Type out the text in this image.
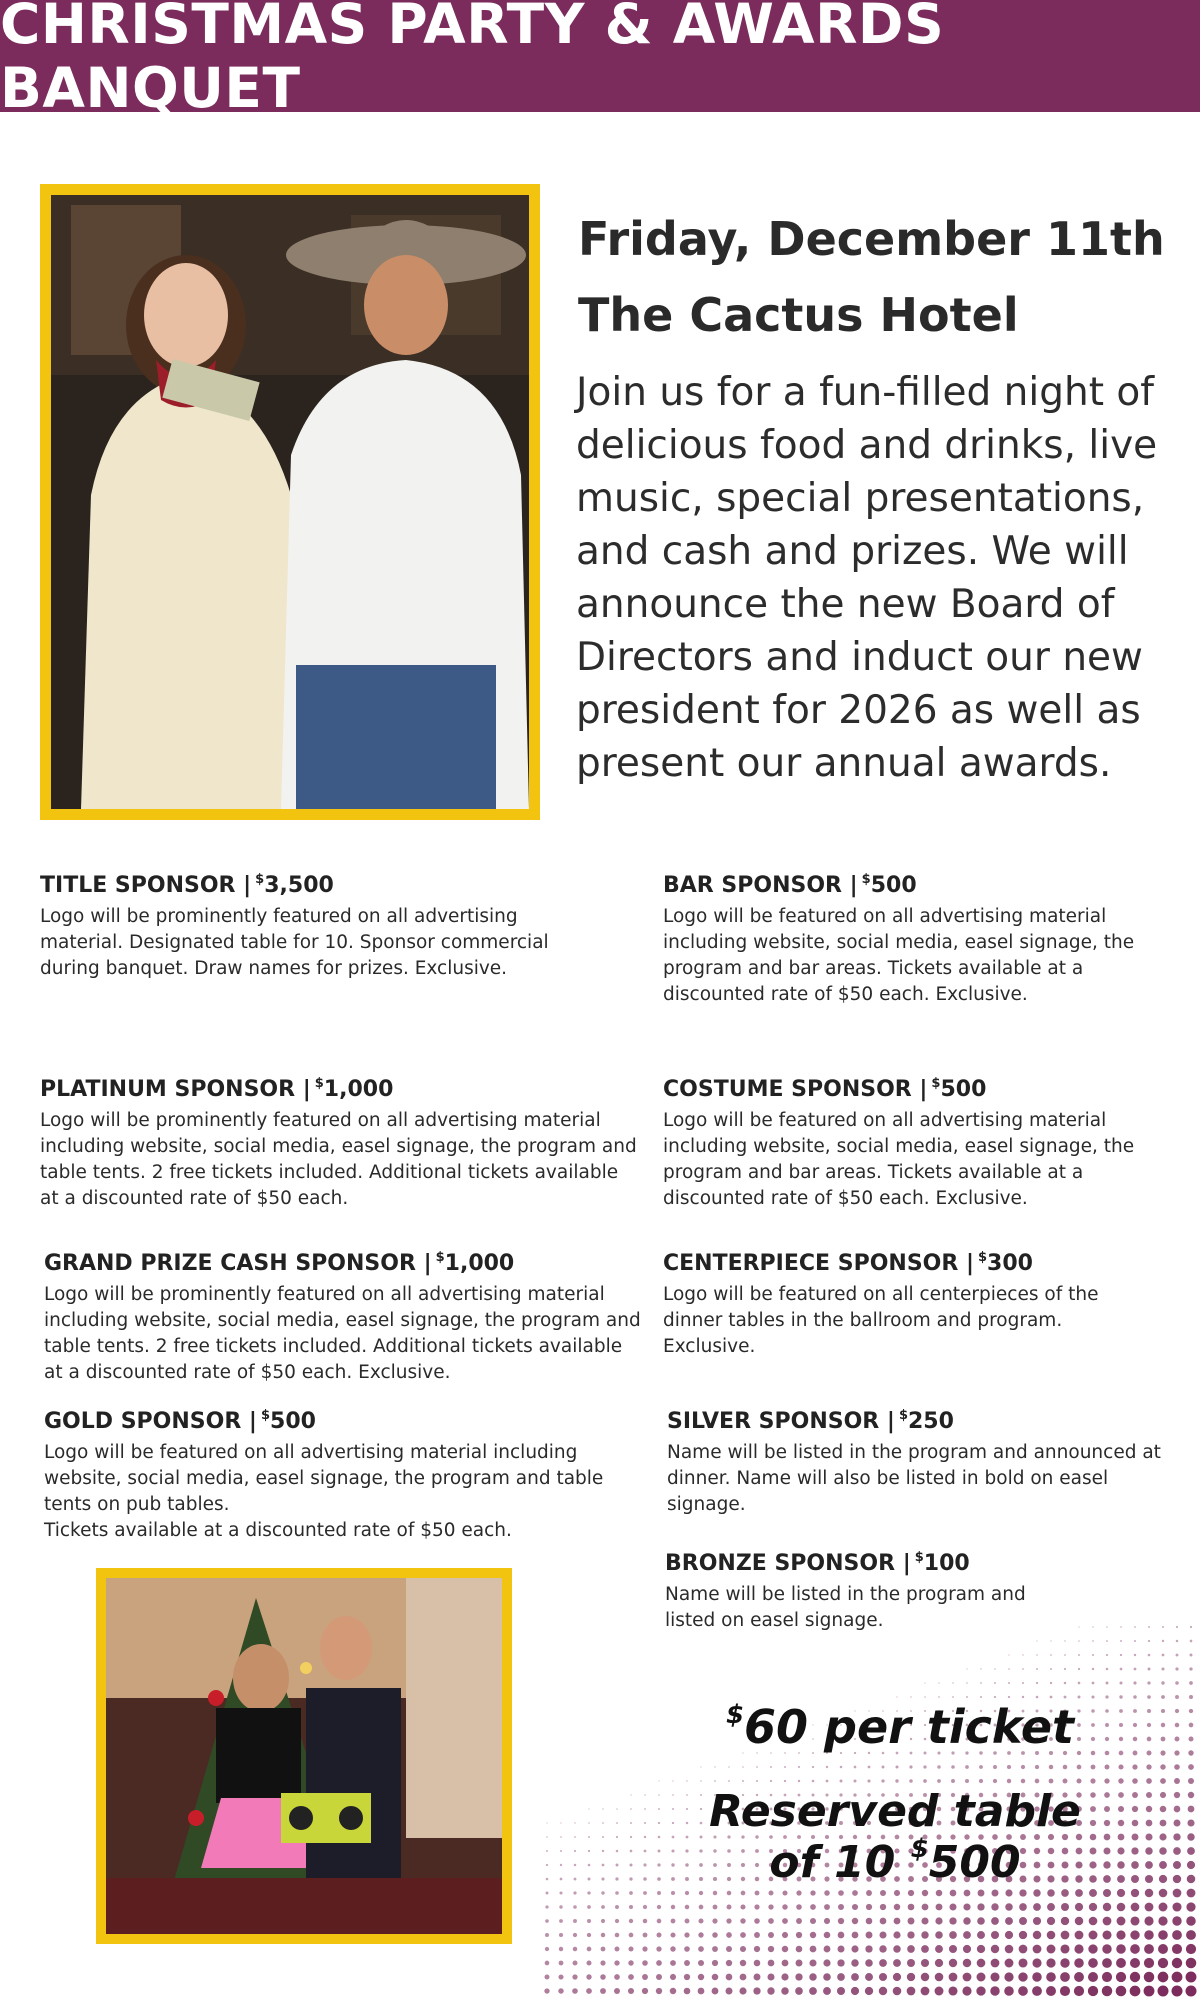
CHRISTMAS PARTY & AWARDS BANQUET
Friday, December 11th
The Cactus Hotel
Join us for a fun-filled night of delicious food and drinks, live music, special presentations, and cash and prizes. We will announce the new Board of Directors and induct our new president for 2026 as well as present our annual awards.
TITLE SPONSOR | $3,500

Logo will be prominently featured on all advertising material. Designated table for 10. Sponsor commercial during banquet. Draw names for prizes. Exclusive.

PLATINUM SPONSOR | $1,000

Logo will be prominently featured on all advertising material including website, social media, easel signage, the program and table tents. 2 free tickets included. Additional tickets available at a discounted rate of $50 each.

GRAND PRIZE CASH SPONSOR | $1,000

Logo will be prominently featured on all advertising material including website, social media, easel signage, the program and table tents. 2 free tickets included. Additional tickets available at a discounted rate of $50 each. Exclusive.

GOLD SPONSOR | $500

Logo will be featured on all advertising material including website, social media, easel signage, the program and table tents on pub tables.

Tickets available at a discounted rate of $50 each.

BAR SPONSOR | $500

Logo will be featured on all advertising material including website, social media, easel signage, the program and bar areas. Tickets available at a discounted rate of $50 each. Exclusive.

COSTUME SPONSOR | $500

Logo will be featured on all advertising material including website, social media, easel signage, the program and bar areas. Tickets available at a discounted rate of $50 each. Exclusive.

CENTERPIECE SPONSOR | $300

Logo will be featured on all centerpieces of the dinner tables in the ballroom and program. Exclusive.

SILVER SPONSOR | $250

Name will be listed in the program and announced at dinner. Name will also be listed in bold on easel signage.

BRONZE SPONSOR | $100

Name will be listed in the program and listed on easel signage.

$60 per ticket
Reserved table
of 10 $500
